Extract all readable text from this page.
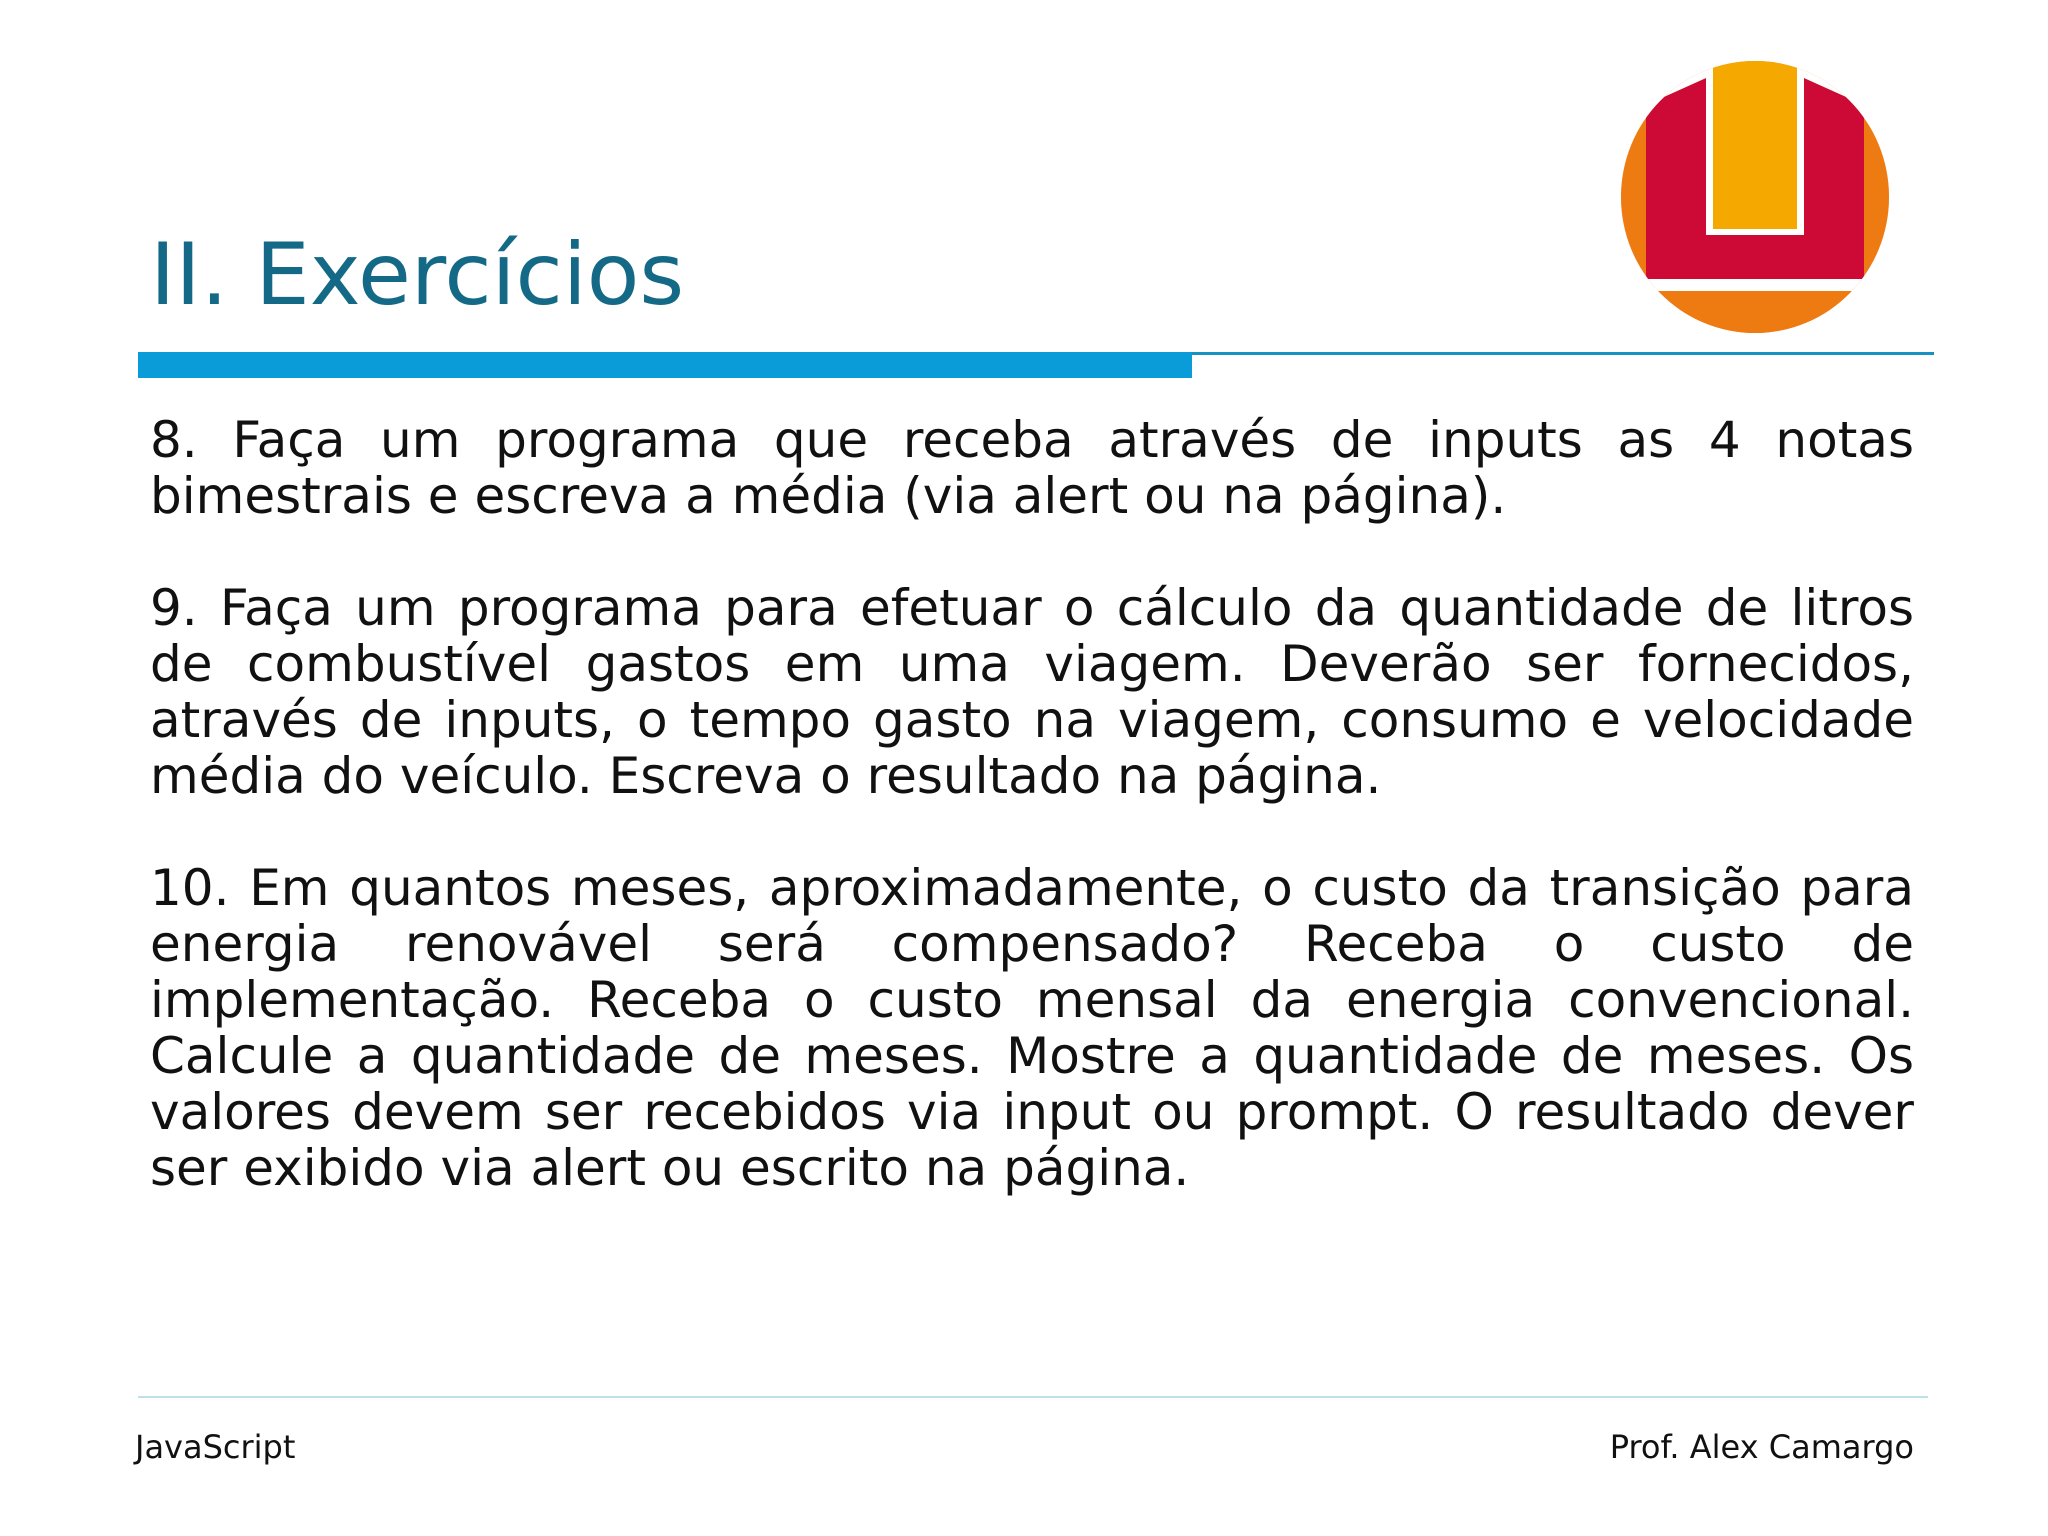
II. Exercícios

8. Faça um programa que receba através de inputs as 4 notas bimestrais e escreva a média (via alert ou na página).

9. Faça um programa para efetuar o cálculo da quantidade de litros de combustível gastos em uma viagem. Deverão ser fornecidos, através de inputs, o tempo gasto na viagem, consumo e velocidade média do veículo. Escreva o resultado na página.

10. Em quantos meses, aproximadamente, o custo da transição para energia renovável será compensado? Receba o custo de implementação. Receba o custo mensal da energia convencional. Calcule a quantidade de meses. Mostre a quantidade de meses. Os valores devem ser recebidos via input ou prompt. O resultado dever ser exibido via alert ou escrito na página.

JavaScript	Prof. Alex Camargo
